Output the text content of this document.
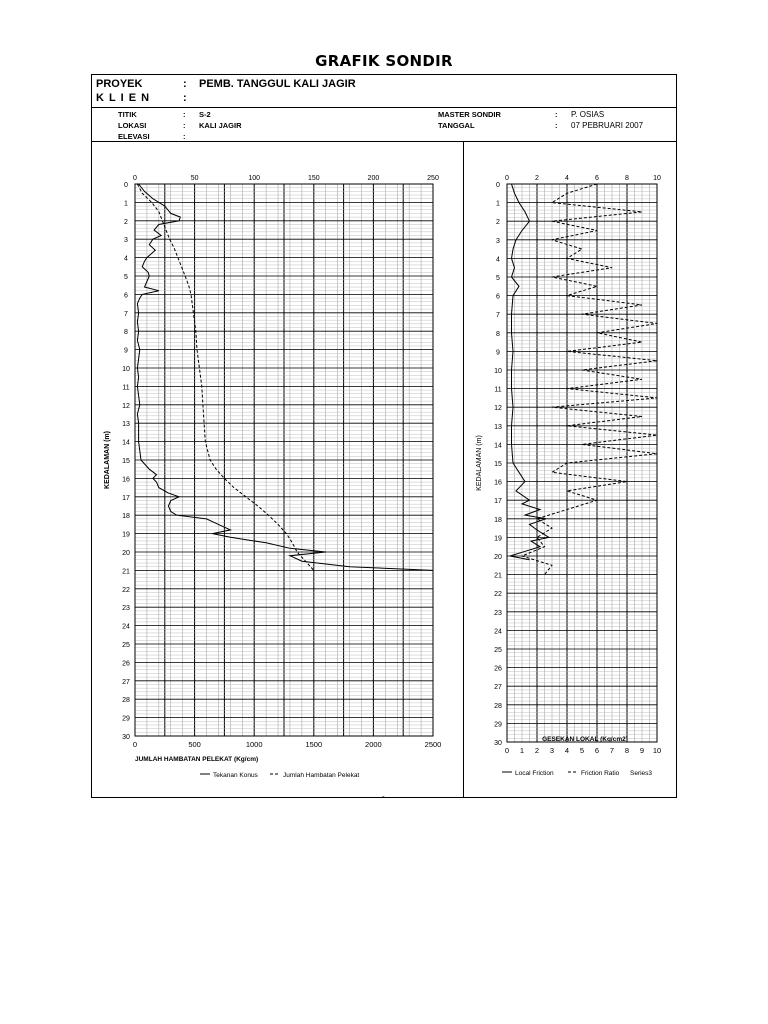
GRAFIK SONDIR
PROYEK	: PEMB. TANGGUL KALI JAGIR
K L I E N	:
TITIK	: S-2
LOKASI	: KALI JAGIR
ELEVASI	:
MASTER SONDIR	: P. OSIAS
TANGGAL	: 07 PEBRUARI 2007
-
0
1
2
3
4
5
6
7
8
9
10
11
12
13
14
15
16
17
18
19
20
21
22
23
24
25
26
27
28
29
30
0	50	100	150	200	250
0	500	1000	1500	2000	2500
KEDALAMAN (m)
JUMLAH HAMBATAN PELEKAT (Kg/cm)
Tekanan Konus	Jumlah Hambatan Pelekat
0
1
2
3
4
5
6
7
8
9
10
11
12
13
14
15
16
17
18
19
20
21
22
23
24
25
26
27
28
29
30
0	2	4	6	8	10
0 1 2 3 4 5 6 7 8 9 10
KEDALAMAN (m)
GESEKAN LOKAL (Kg/cm2)
Local Friction	Friction Ratio Series3
